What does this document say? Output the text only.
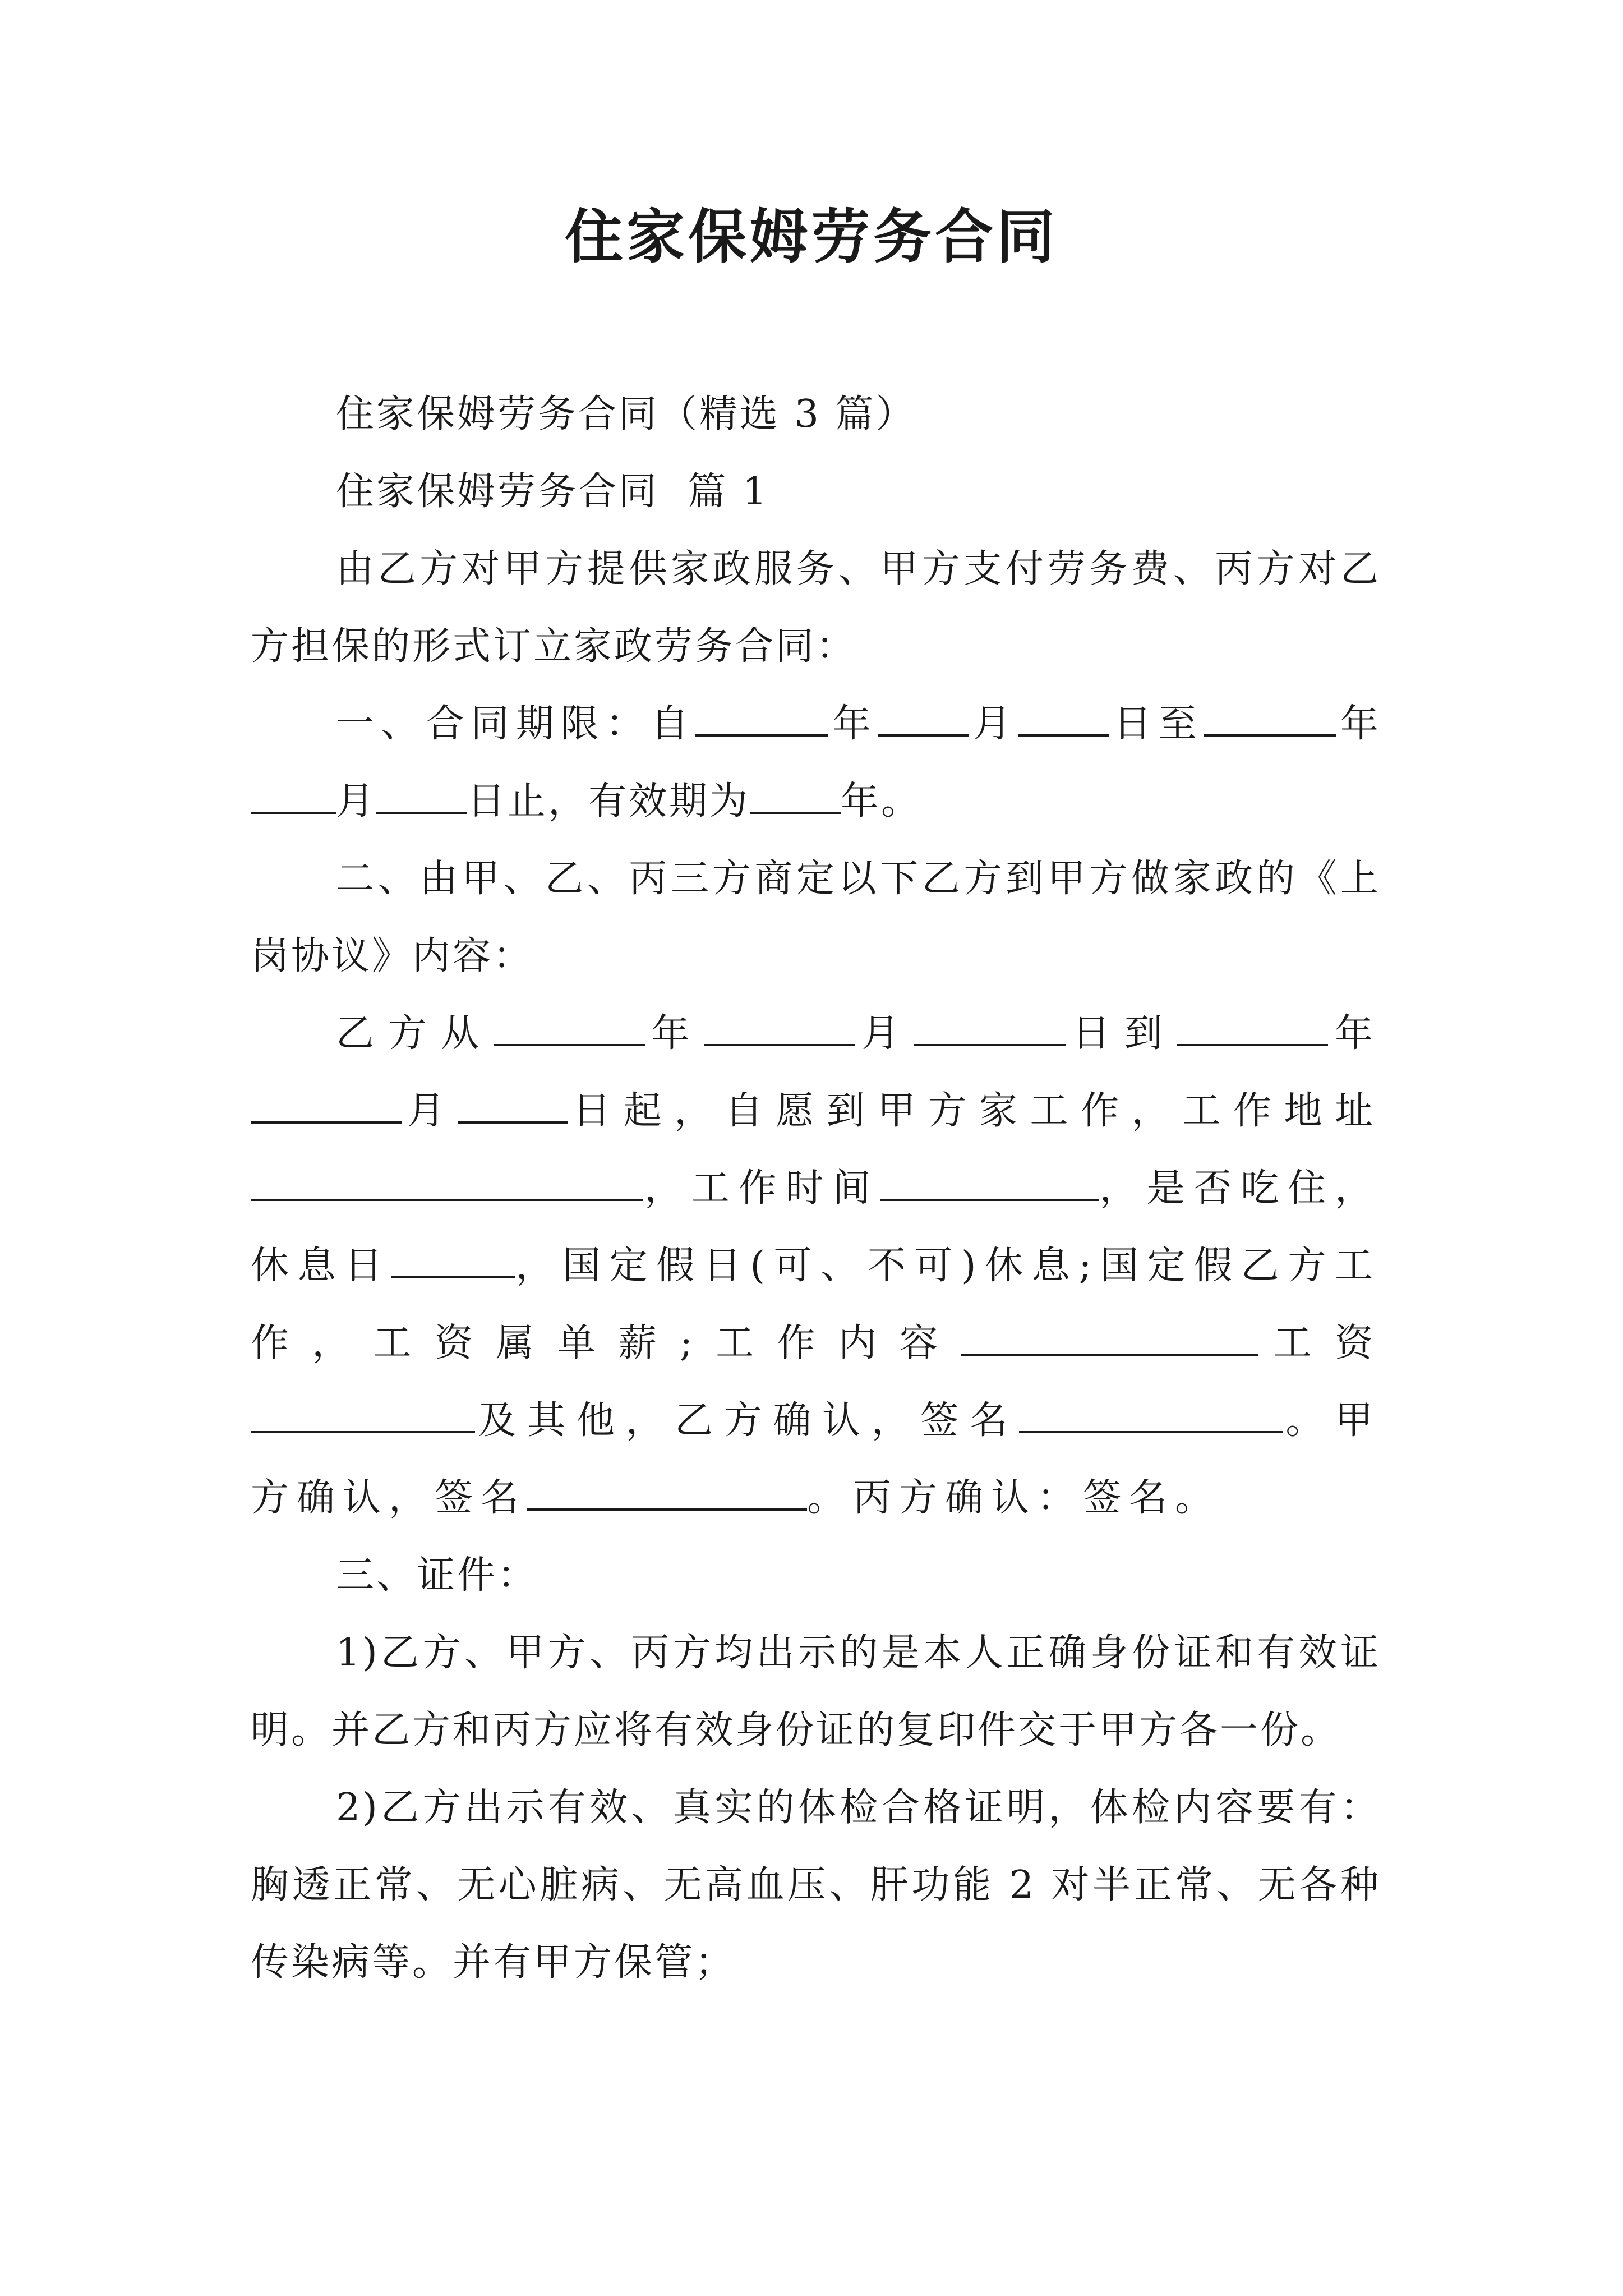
住家保姆劳务合同

住家保姆劳务合同（精选 3 篇）

住家保姆劳务合同  篇 1

由乙方对甲方提供家政服务、甲方支付劳务费、丙方对乙方担保的形式订立家政劳务合同：

一、合同期限：自	年 月 日至	年月 日止，有效期为 年。

二、由甲、乙、丙三方商定以下乙方到甲方做家政的《上岗协议》内容：

乙方从	年	月	日到	年月	日起，自愿到甲方家工作，工作地址，工作时间	，是否吃住，休息日	，国定假日(可、不可)休息;国定假乙方工作，工资属单薪;工作内容	工资及其他，乙方确认，签名	。甲方确认，签名	。丙方确认：签名。

三、证件：

1)乙方、甲方、丙方均出示的是本人正确身份证和有效证明。并乙方和丙方应将有效身份证的复印件交于甲方各一份。

2)乙方出示有效、真实的体检合格证明，体检内容要有：胸透正常、无心脏病、无高血压、肝功能 2 对半正常、无各种传染病等。并有甲方保管；
